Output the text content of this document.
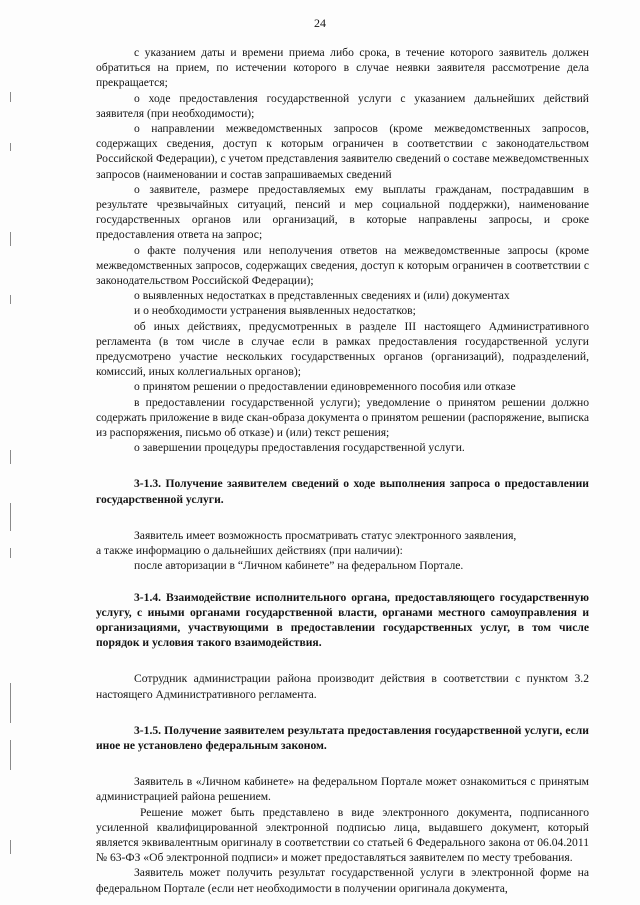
24

с указанием даты и времени приема либо срока, в течение которого заявитель должен обратиться на прием, по истечении которого в случае неявки заявителя рассмотрение дела прекращается;

о ходе предоставления государственной услуги с указанием дальнейших действий заявителя (при необходимости);

о направлении межведомственных запросов (кроме межведомственных запросов, содержащих сведения, доступ к которым ограничен в соответствии с законодательством Российской Федерации), с учетом представления заявителю сведений о составе межведомственных запросов (наименовании и состав запрашиваемых сведений

о заявителе, размере предоставляемых ему выплаты гражданам, пострадавшим в результате чрезвычайных ситуаций, пенсий и мер социальной поддержки), наименование государственных органов или организаций, в которые направлены запросы, и сроке предоставления ответа на запрос;

о факте получения или неполучения ответов на межведомственные запросы (кроме межведомственных запросов, содержащих сведения, доступ к которым ограничен в соответствии с законодательством Российской Федерации);

о выявленных недостатках в представленных сведениях и (или) документах

и о необходимости устранения выявленных недостатков;

об иных действиях, предусмотренных в разделе III настоящего Административного регламента (в том числе в случае если в рамках предоставления государственной услуги предусмотрено участие нескольких государственных органов (организаций), подразделений, комиссий, иных коллегиальных органов);

о принятом решении о предоставлении единовременного пособия или отказе

в предоставлении государственной услуги); уведомление о принятом решении должно содержать приложение в виде скан-образа документа о принятом решении (распоряжение, выписка из распоряжения, письмо об отказе) и (или) текст решения;

о завершении процедуры предоставления государственной услуги.

3-1.3. Получение заявителем сведений о ходе выполнения запроса о предоставлении государственной услуги.

Заявитель имеет возможность просматривать статус электронного заявления,

а также информацию о дальнейших действиях (при наличии):

после авторизации в “Личном кабинете” на федеральном Портале.

3-1.4. Взаимодействие исполнительного органа, предоставляющего государственную услугу, с иными органами государственной власти, органами местного самоуправления и организациями, участвующими в предоставлении государственных услуг, в том числе порядок и условия такого взаимодействия.

Сотрудник администрации района производит действия в соответствии с пунктом 3.2 настоящего Административного регламента.

3-1.5. Получение заявителем результата предоставления государственной услуги, если иное не установлено федеральным законом.

Заявитель в «Личном кабинете» на федеральном Портале может ознакомиться с принятым администрацией района решением.

Решение может быть представлено в виде электронного документа, подписанного усиленной квалифицированной электронной подписью лица, выдавшего документ, который является эквивалентным оригиналу в соответствии со статьей 6 Федерального закона от 06.04.2011 № 63-ФЗ «Об электронной подписи» и может предоставляться заявителем по месту требования.

Заявитель может получить результат государственной услуги в электронной форме на федеральном Портале (если нет необходимости в получении оригинала документа,
